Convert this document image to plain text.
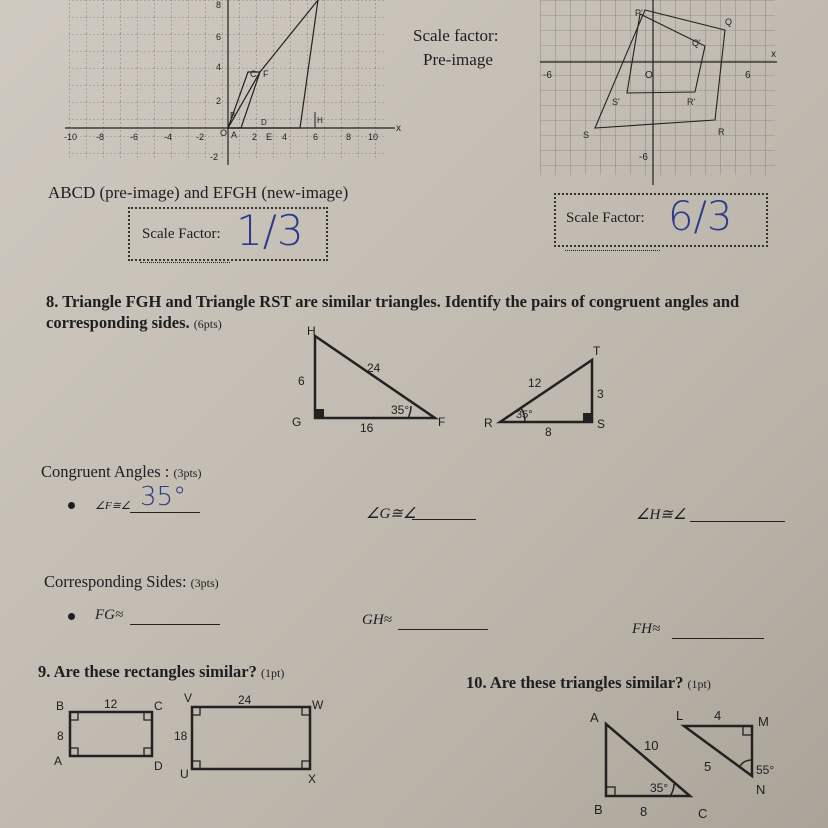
8
6
4
2
-2
-10 -8	-6	-4	-2 O	2	4	6	8 10
x
A
B
C
D
E
F
H
Scale factor:
Pre-image
P'
Q
Q'
S
S'
R
R'
O
-6	6
-6
x
ABCD (pre-image) and EFGH (new-image)
Scale Factor: 1/3	Scale Factor: 6/3
8. Triangle FGH and Triangle RST are similar triangles. Identify the pairs of congruent angles and
corresponding sides. (6pts)	H
G	F
6
24
16
35°
T
R	S
12
3
8
35°
Congruent Angles : (3pts)
∠F≅∠ 35°
∠G≅∠	∠H≅∠
Corresponding Sides: (3pts)
FG≈	GH≈
FH≈
9. Are these rectangles similar? (1pt)
B	C
A	D
12
8
V	W
U	X
24
18
10. Are these triangles similar? (1pt)
A
B	C
10
8
35°
L	M
N
4
5	55°
